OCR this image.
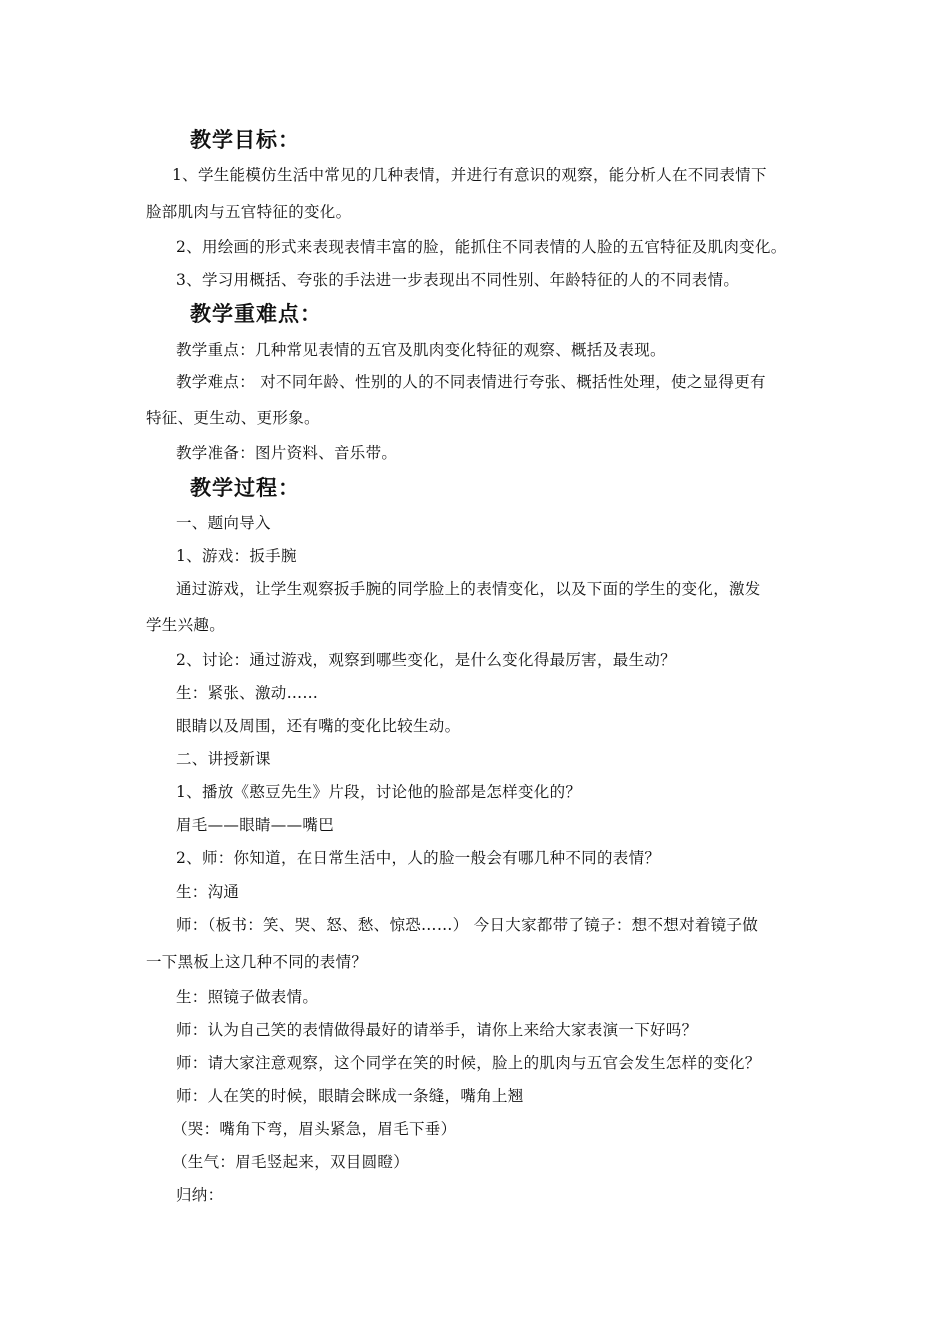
教学目标：
1、学生能模仿生活中常见的几种表情，并进行有意识的观察，能分析人在不同表情下
脸部肌肉与五官特征的变化。
2、用绘画的形式来表现表情丰富的脸，能抓住不同表情的人脸的五官特征及肌肉变化。
3、学习用概括、夸张的手法进一步表现出不同性别、年龄特征的人的不同表情。
教学重难点：
教学重点：几种常见表情的五官及肌肉变化特征的观察、概括及表现。
教学难点： 对不同年龄、性别的人的不同表情进行夸张、概括性处理，使之显得更有
特征、更生动、更形象。
教学准备：图片资料、音乐带。
教学过程：
一、题向导入
1、游戏：扳手腕
通过游戏，让学生观察扳手腕的同学脸上的表情变化，以及下面的学生的变化，激发
学生兴趣。
2、讨论：通过游戏，观察到哪些变化，是什么变化得最厉害，最生动？
生：紧张、激动……
眼睛以及周围，还有嘴的变化比较生动。
二、讲授新课
1、播放《憨豆先生》片段，讨论他的脸部是怎样变化的？
眉毛——眼睛——嘴巴
2、师：你知道，在日常生活中，人的脸一般会有哪几种不同的表情？
生：沟通
师：（板书：笑、哭、怒、愁、惊恐……） 今日大家都带了镜子：想不想对着镜子做
一下黑板上这几种不同的表情？
生：照镜子做表情。
师：认为自己笑的表情做得最好的请举手，请你上来给大家表演一下好吗？
师：请大家注意观察，这个同学在笑的时候，脸上的肌肉与五官会发生怎样的变化？
师：人在笑的时候，眼睛会眯成一条缝，嘴角上翘
（哭：嘴角下弯，眉头紧急，眉毛下垂）
（生气：眉毛竖起来，双目圆瞪）
归纳：
